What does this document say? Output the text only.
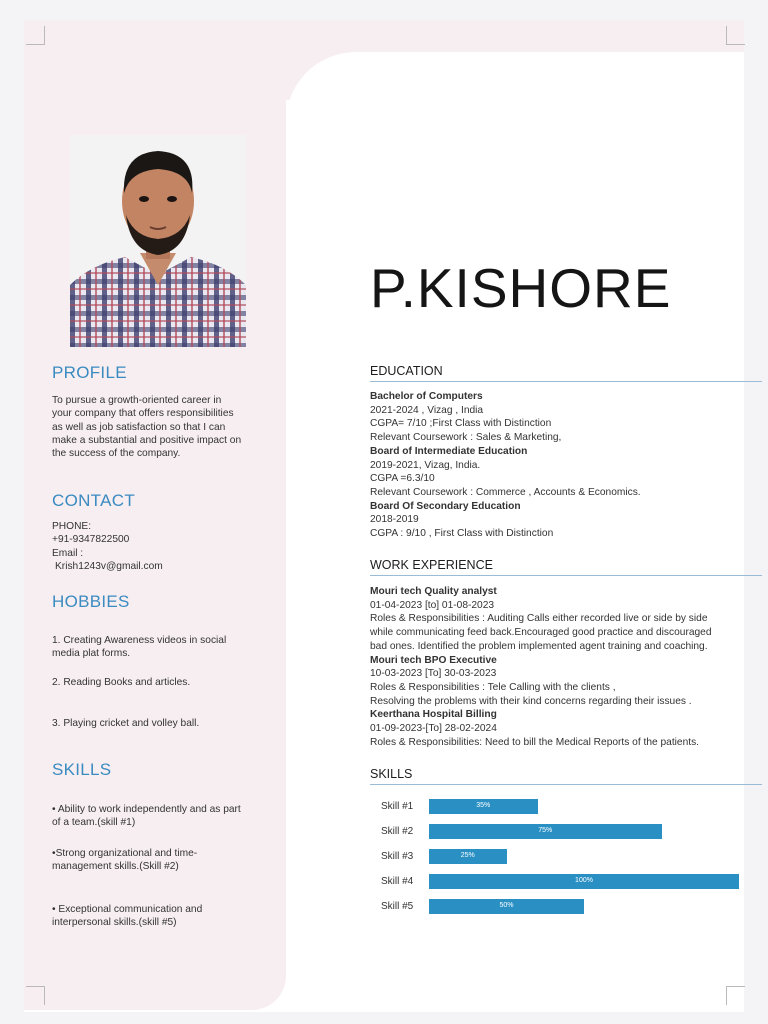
PROFILE
To pursue a growth-oriented career in
your company that offers responsibilities
as well as job satisfaction so that I can
make a substantial and positive impact on
the success of the company.
CONTACT
PHONE:
+91-9347822500
Email :
Krish1243v@gmail.com
HOBBIES
1. Creating Awareness videos in social
media plat forms.
2. Reading Books and articles.
3. Playing cricket and volley ball.
SKILLS
• Ability to work independently and as part
of a team.(skill #1)
•Strong organizational and time-
management skills.(Skill #2)
• Exceptional communication and
interpersonal skills.(skill #5)
P.KISHORE
EDUCATION
Bachelor of Computers
2021-2024 , Vizag , India
CGPA= 7/10 ;First Class with Distinction
Relevant Coursework : Sales & Marketing,
Board of Intermediate Education
2019-2021, Vizag, India.
CGPA =6.3/10
Relevant Coursework : Commerce , Accounts & Economics.
Board Of Secondary Education
2018-2019
CGPA : 9/10 , First Class with Distinction
WORK EXPERIENCE
Mouri tech Quality analyst
01-04-2023 [to] 01-08-2023
Roles & Responsibilities : Auditing Calls either recorded live or side by side
while communicating feed back.Encouraged good practice and discouraged
bad ones. Identified the problem implemented agent training and coaching.
Mouri tech BPO Executive
10-03-2023 [To] 30-03-2023
Roles & Responsibilities : Tele Calling with the clients ,
Resolving the problems with their kind concerns regarding their issues .
Keerthana Hospital Billing
01-09-2023-[To] 28-02-2024
Roles & Responsibilities: Need to bill the Medical Reports of the patients.
SKILLS
Skill #1	35%
Skill #2	75%
Skill #3	25%
Skill #4	100%
Skill #5	50%
